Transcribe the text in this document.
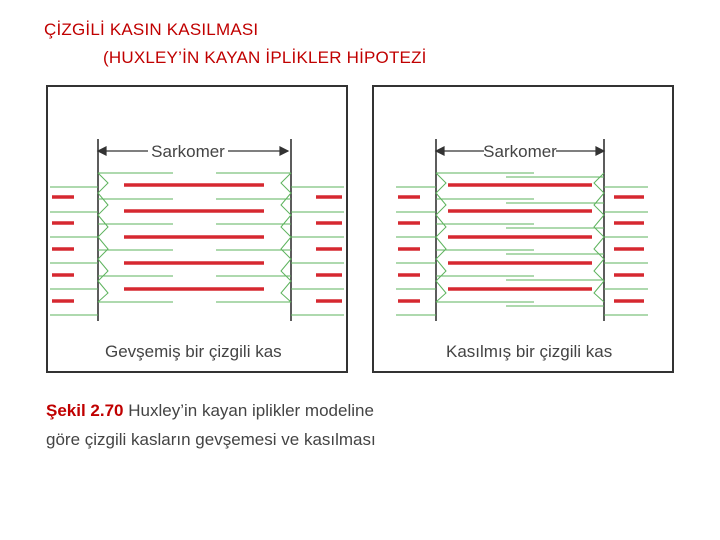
ÇİZGİLİ KASIN KASILMASI
(HUXLEY’İN KAYAN İPLİKLER HİPOTEZİ
Sarkomer
Gevşemiş bir çizgili kas
Sarkomer
Kasılmış bir çizgili kas
Şekil 2.70 Huxley’in kayan iplikler modeline
göre çizgili kasların gevşemesi ve kasılması
